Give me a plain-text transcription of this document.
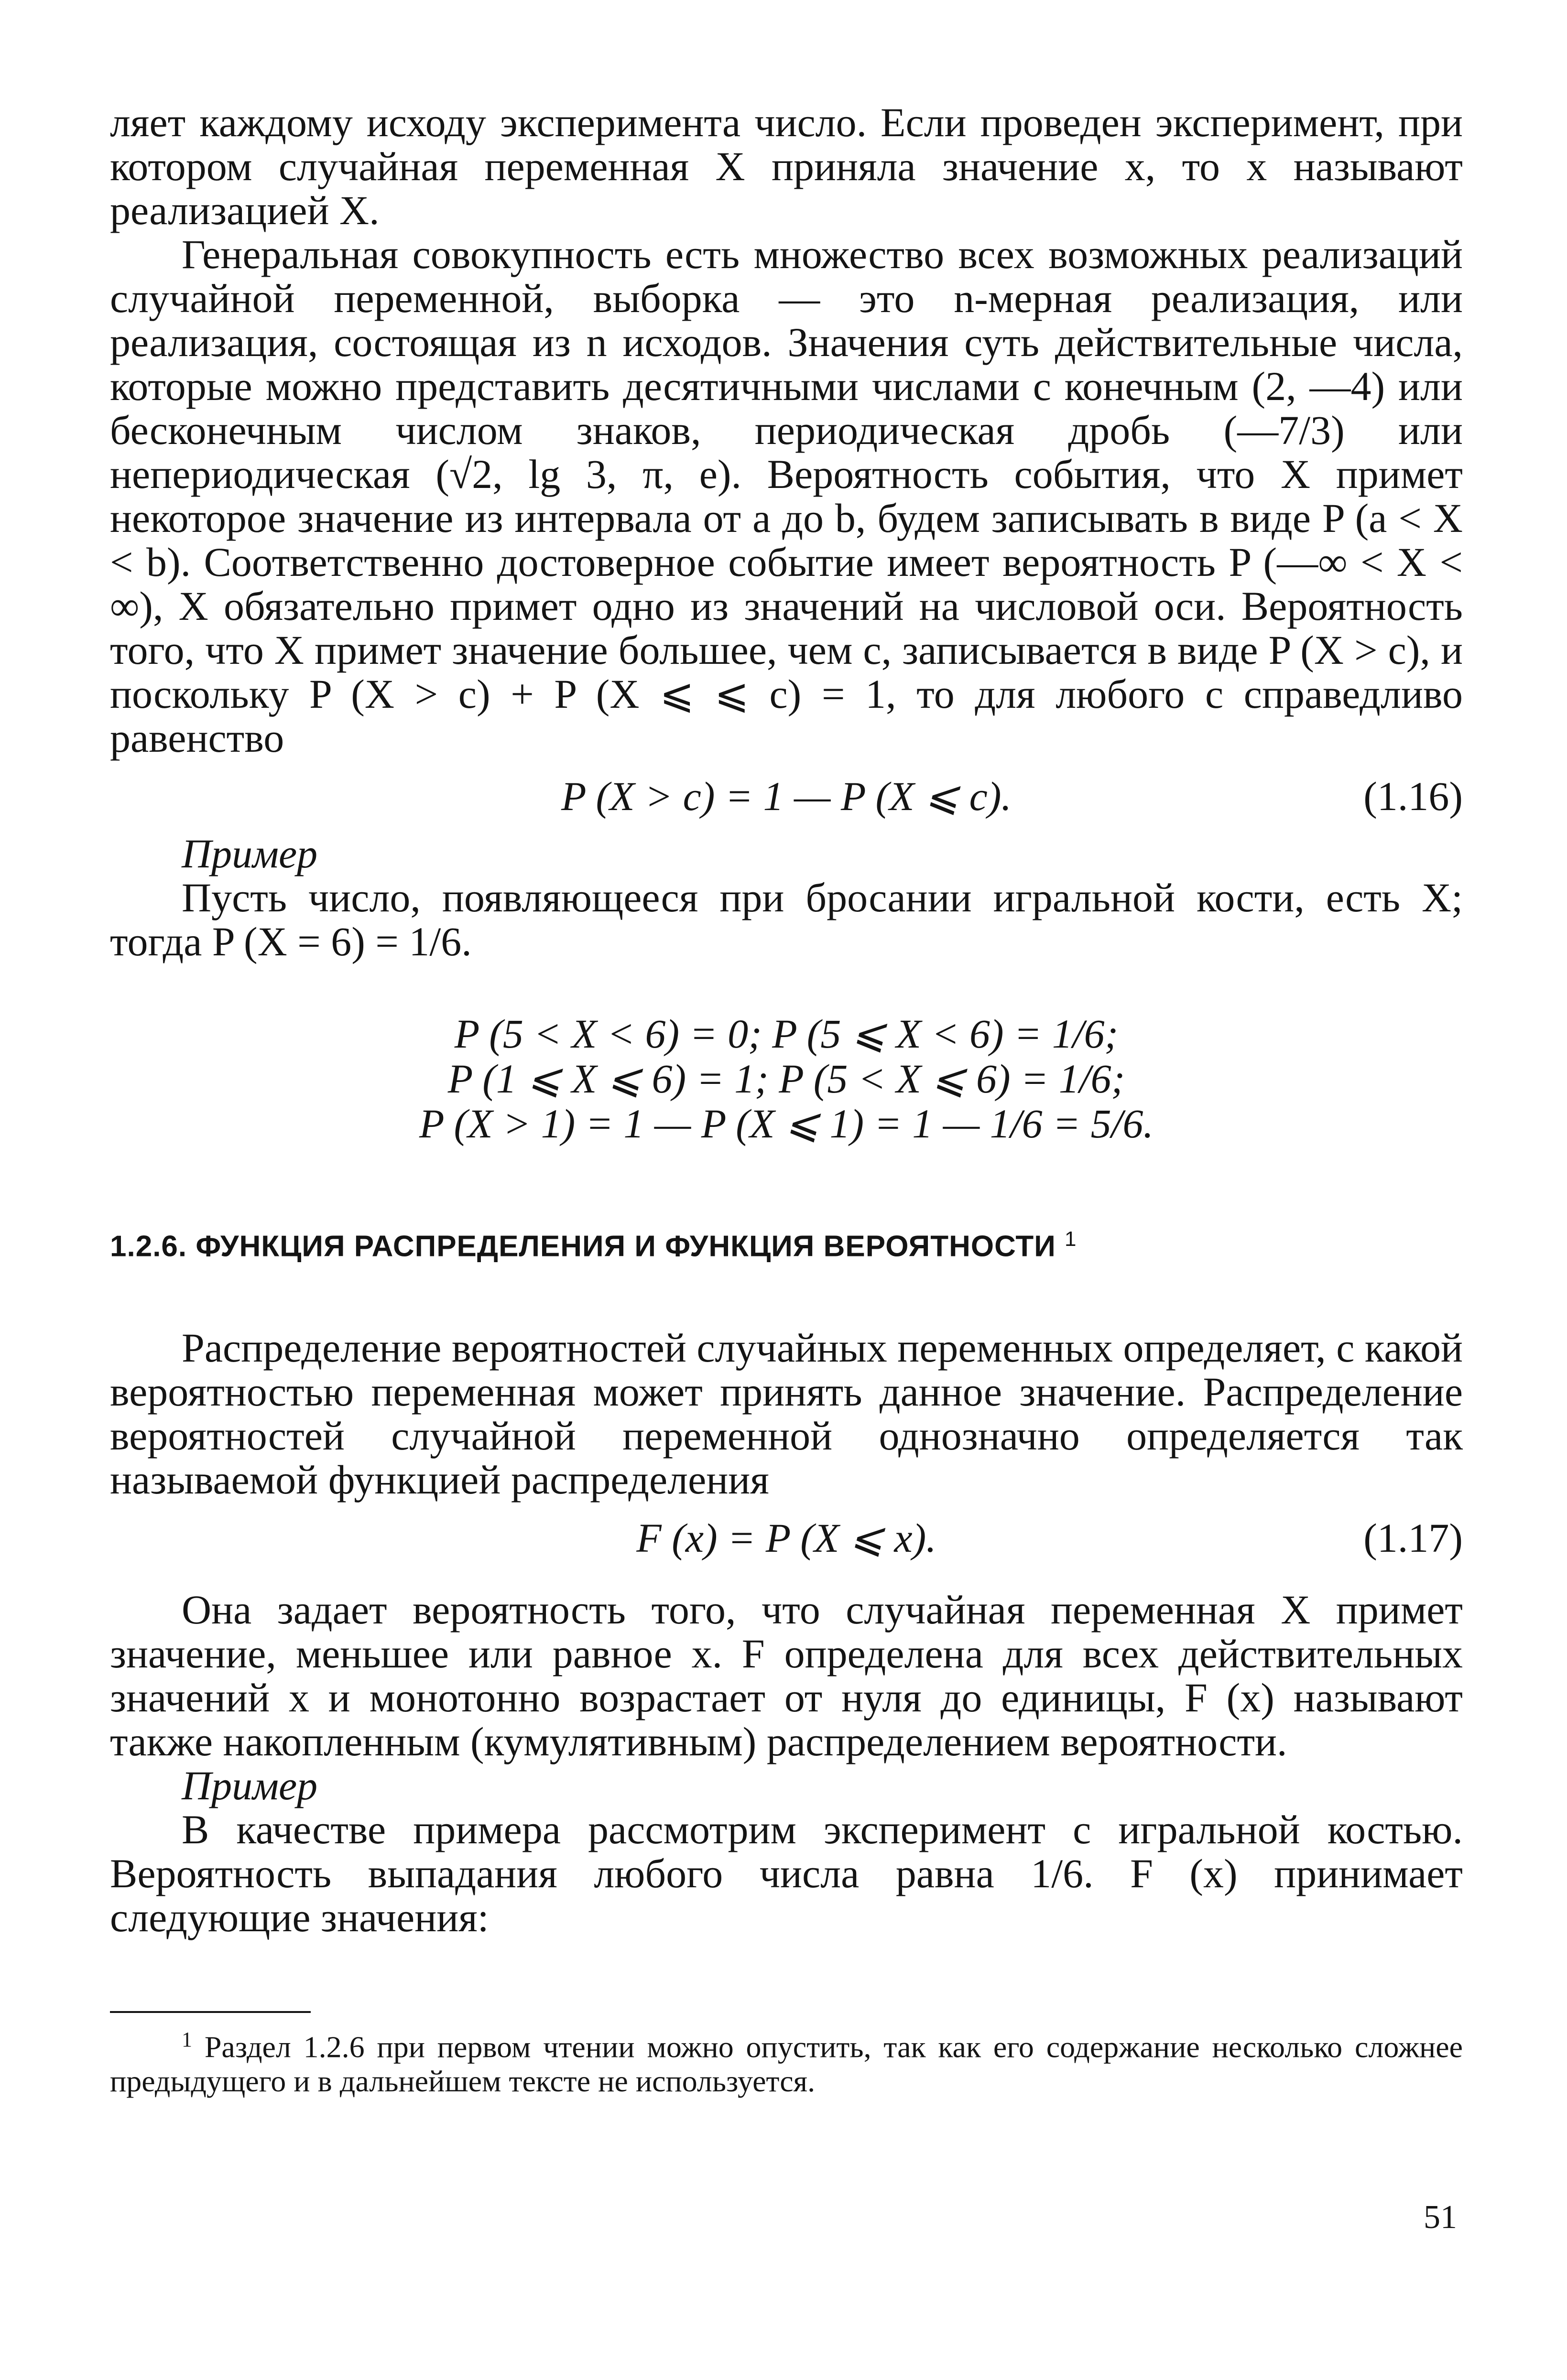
ляет каждому исходу эксперимента число. Если проведен эксперимент, при котором случайная переменная X приняла значение x, то x называют реализацией X.

Генеральная совокупность есть множество всех возможных реализаций случайной переменной, выборка — это n-мерная реализация, или реализация, состоящая из n исходов. Значения суть действительные числа, которые можно представить десятичными числами с конечным (2, —4) или бесконечным числом знаков, периодическая дробь (—7/3) или непериодическая (√2, lg 3, π, e). Вероятность события, что X примет некоторое значение из интервала от a до b, будем записывать в виде P (a < X < b). Соответственно достоверное событие имеет вероятность P (—∞ < X < ∞), X обязательно примет одно из значений на числовой оси. Вероятность того, что X примет значение большее, чем c, записывается в виде P (X > c), и поскольку P (X > c) + P (X ⩽ ⩽ c) = 1, то для любого c справедливо равенство

P (X > c) = 1 — P (X ⩽ c).	(1.16)
Пример

Пусть число, появляющееся при бросании игральной кости, есть X; тогда P (X = 6) = 1/6.

P (5 < X < 6) = 0; P (5 ⩽ X < 6) = 1/6;
P (1 ⩽ X ⩽ 6) = 1; P (5 < X ⩽ 6) = 1/6;
P (X > 1) = 1 — P (X ⩽ 1) = 1 — 1/6 = 5/6.
1.2.6. ФУНКЦИЯ РАСПРЕДЕЛЕНИЯ И ФУНКЦИЯ ВЕРОЯТНОСТИ $^1$

Распределение вероятностей случайных переменных определяет, с какой вероятностью переменная может принять данное значение. Распределение вероятностей случайной переменной однозначно определяется так называемой функцией распределения

F (x) = P (X ⩽ x).	(1.17)

Она задает вероятность того, что случайная переменная X примет значение, меньшее или равное x. F определена для всех действительных значений x и монотонно возрастает от нуля до единицы, F (x) называют также накопленным (кумулятивным) распределением вероятности.

Пример

В качестве примера рассмотрим эксперимент с игральной костью. Вероятность выпадания любого числа равна 1/6. F (x) принимает следующие значения:

$^1$ Раздел 1.2.6 при первом чтении можно опустить, так как его содержание несколько сложнее предыдущего и в дальнейшем тексте не используется.
51
